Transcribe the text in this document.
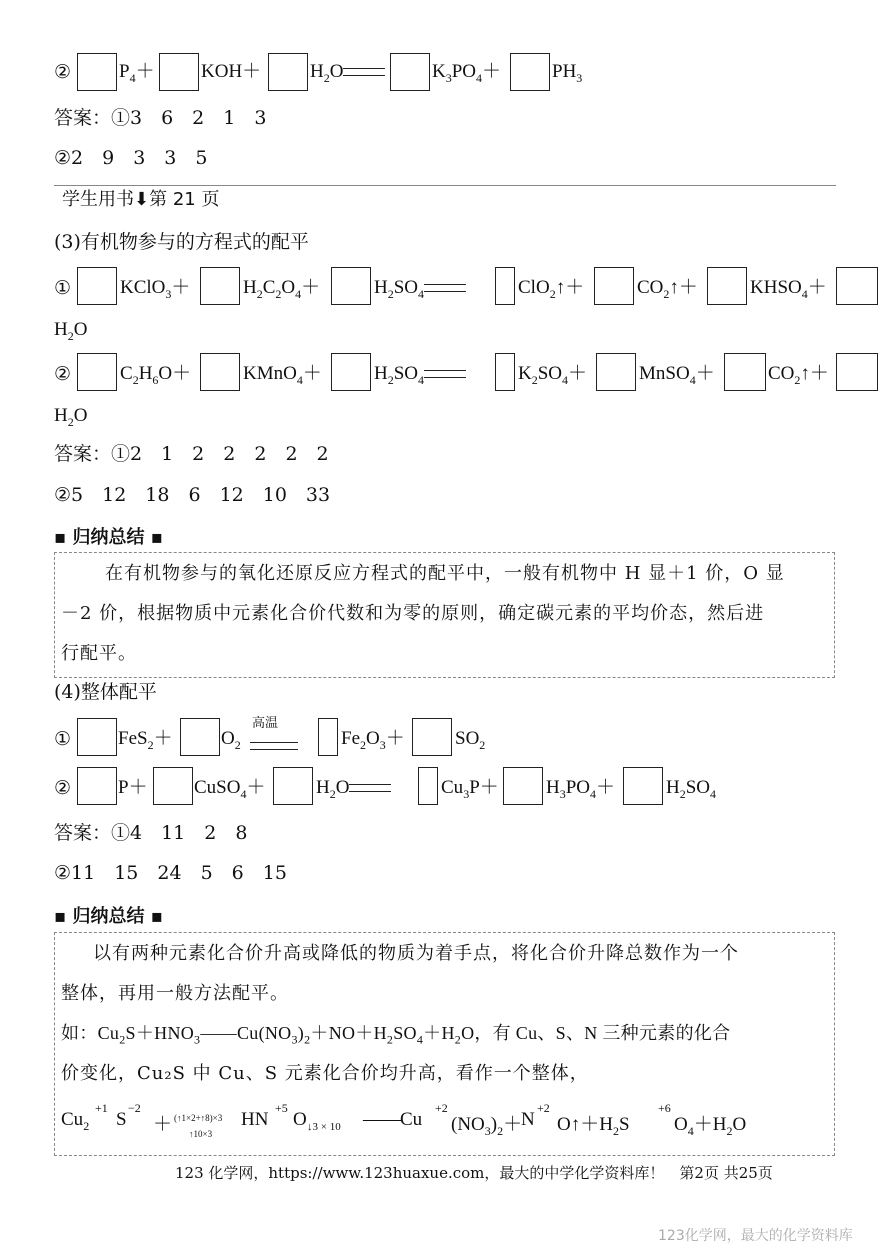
②	$P_4+ KOH+$	$H_2O$	$K_3PO_4+$	$PH_3$
答案：①3　6　2　1　3
②2　9　3　3　5
学生用书⬇第 21 页
(3)有机物参与的方程式的配平
①	KClO$_3$＋	$H_2C_2O_4+$	$H_2SO_4$	ClO$_2$↑＋	$CO_2↑+$	$KHSO_4+$
$H_2O$
②	$C_2H_6O+$	KMnO$_4$＋	$H_2SO_4$	$K_2SO_4+$	MnSO$_4$＋	$CO_2↑+$
$H_2O$
答案：①2　1　2　2　2　2　2
②5　12　18　6　12　10　33
▪ 归纳总结 ▪
在有机物参与的氧化还原反应方程式的配平中，一般有机物中 H 显＋1 价，O 显
－2 价，根据物质中元素化合价代数和为零的原则，确定碳元素的平均价态，然后进
行配平。
(4)整体配平
① FeS$_2$＋	$O_2$
高温
$Fe_2O_3+$	$SO_2$
② P＋ CuSO$_4$＋	$H_2O$	$Cu_3P+ H_3PO_4+$	$H_2SO_4$
答案：①4　11　2　8
②11　15　24　5　6　15
▪ 归纳总结 ▪
以有两种元素化合价升高或降低的物质为着手点，将化合价升降总数作为一个
整体，再用一般方法配平。
如：$Cu_2S+HNO_3——Cu(NO_3)_2+NO+H_2SO_4+H_2O$，有 Cu、S、N 三种元素的化合
价变化，Cu₂S 中 Cu、S 元素化合价均升高，看作一个整体，
$Cu_2$
+1
S
−2
＋ (↑1×2+↑8)×3
↑10×3
HN
+5
O ↓3 × 10 —— Cu
+2
$(NO_3)_2+$
N
+2
$O↑+H_2S$
+6
$O_4+H_2O$
123 化学网，https://www.123huaxue.com，最大的中学化学资料库！　第2页 共25页
123化学网，最大的化学资料库
